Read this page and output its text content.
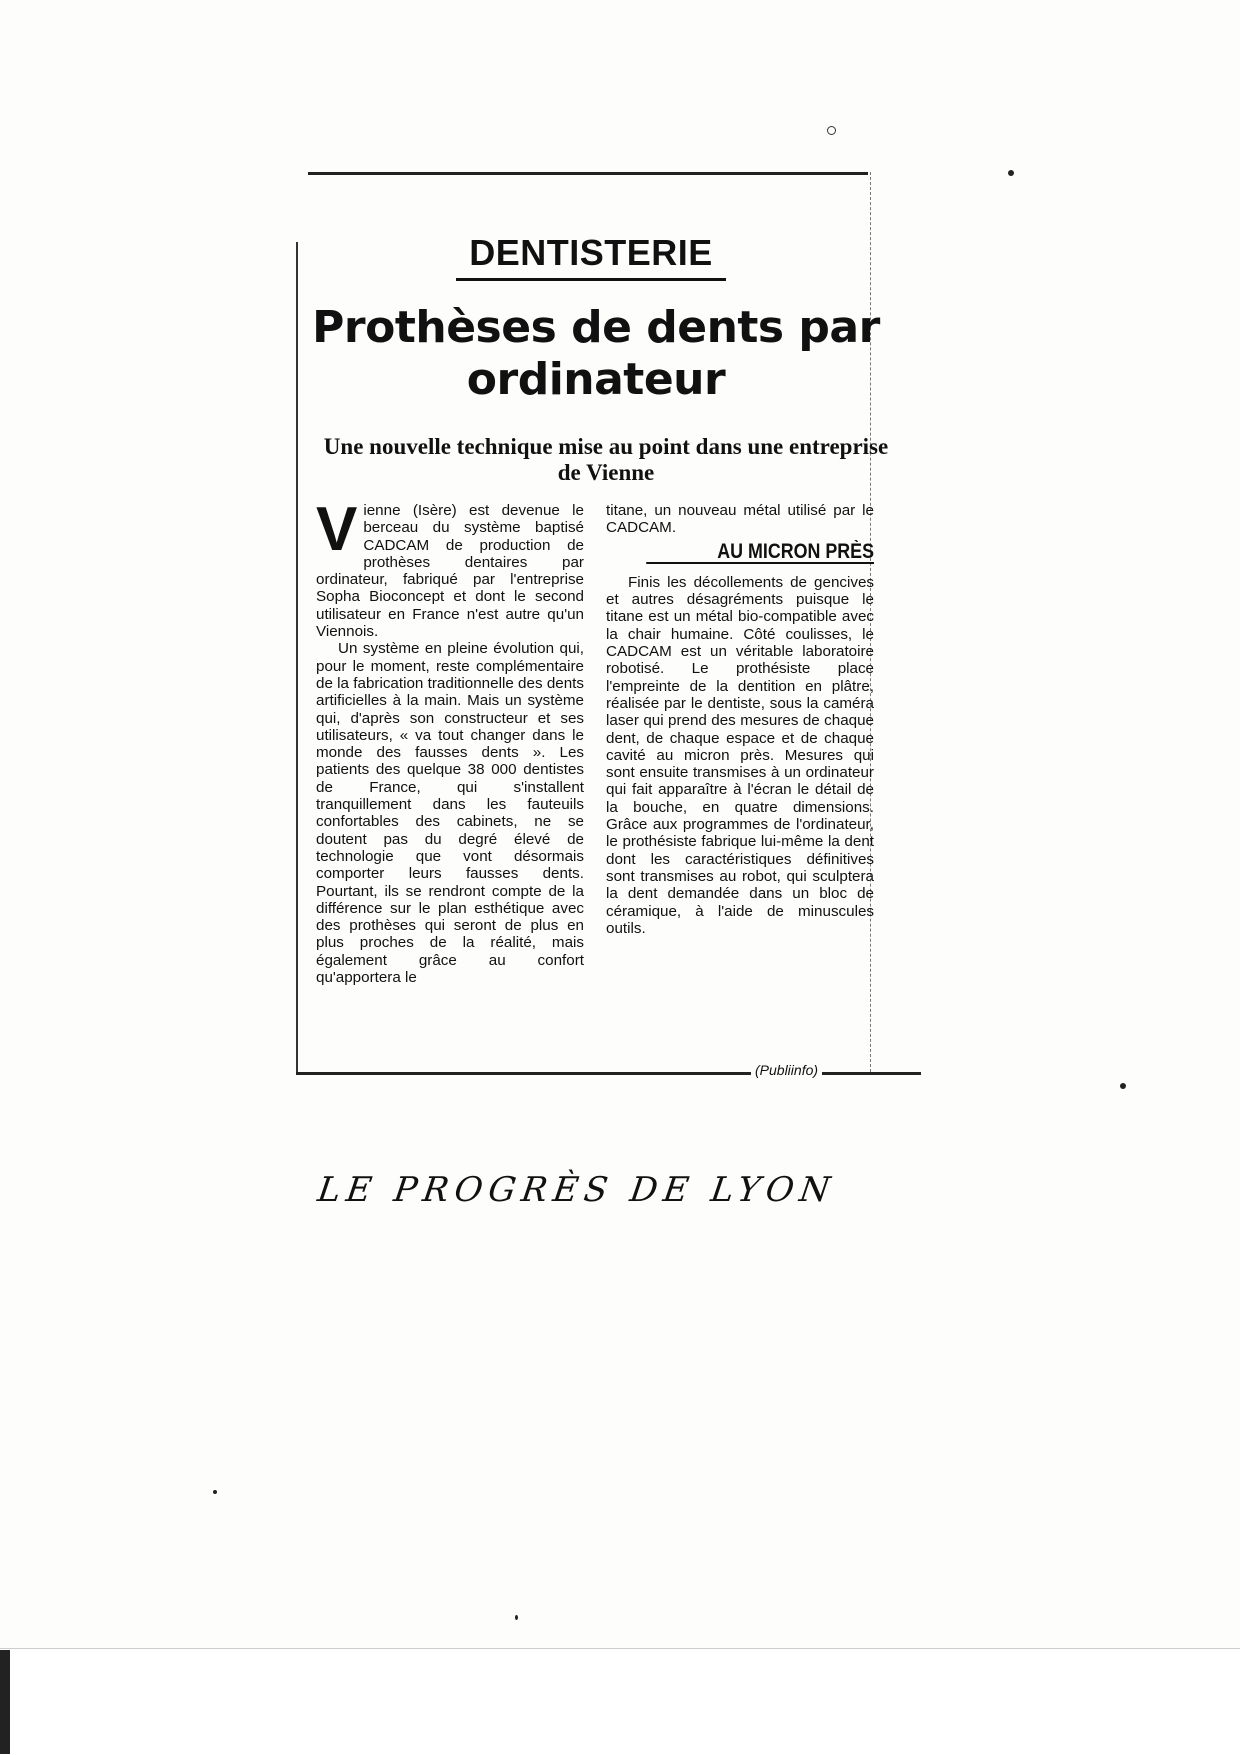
DENTISTERIE
Prothèses de dents par ordinateur
Une nouvelle technique mise au point dans une entreprise de Vienne

Vienne (Isère) est devenue le berceau du système baptisé CADCAM de production de prothèses dentaires par ordinateur, fabriqué par l'entreprise Sopha Bioconcept et dont le second utilisateur en France n'est autre qu'un Viennois.

Un système en pleine évolution qui, pour le moment, reste complémentaire de la fabrication traditionnelle des dents artificielles à la main. Mais un système qui, d'après son constructeur et ses utilisateurs, « va tout changer dans le monde des fausses dents ». Les patients des quelque 38 000 dentistes de France, qui s'installent tranquillement dans les fauteuils confortables des cabinets, ne se doutent pas du degré élevé de technologie que vont désormais comporter leurs fausses dents. Pourtant, ils se rendront compte de la différence sur le plan esthétique avec des prothèses qui seront de plus en plus proches de la réalité, mais également grâce au confort qu'apportera le

titane, un nouveau métal utilisé par le CADCAM.

AU MICRON PRÈS

Finis les décollements de gencives et autres désagréments puisque le titane est un métal bio-compatible avec la chair humaine. Côté coulisses, le CADCAM est un véritable laboratoire robotisé. Le prothésiste place l'empreinte de la dentition en plâtre, réalisée par le dentiste, sous la caméra laser qui prend des mesures de chaque dent, de chaque espace et de chaque cavité au micron près. Mesures qui sont ensuite transmises à un ordinateur qui fait apparaître à l'écran le détail de la bouche, en quatre dimensions. Grâce aux programmes de l'ordinateur, le prothésiste fabrique lui-même la dent dont les caractéristiques définitives sont transmises au robot, qui sculptera la dent demandée dans un bloc de céramique, à l'aide de minuscules outils.

(Publiinfo)
LE PROGRÈS DE LYON
